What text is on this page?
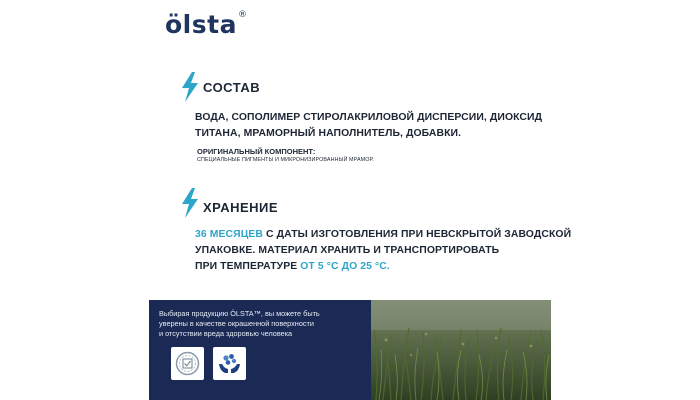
ölsta®
СОСТАВ
ВОДА, СОПОЛИМЕР СТИРОЛАКРИЛОВОЙ ДИСПЕРСИИ, ДИОКСИД
ТИТАНА, МРАМОРНЫЙ НАПОЛНИТЕЛЬ, ДОБАВКИ.
ОРИГИНАЛЬНЫЙ КОМПОНЕНТ:
СПЕЦИАЛЬНЫЕ ПИГМЕНТЫ И МИКРОНИЗИРОВАННЫЙ МРАМОР.
ХРАНЕНИЕ
36 МЕСЯЦЕВ С ДАТЫ ИЗГОТОВЛЕНИЯ ПРИ НЕВСКРЫТОЙ ЗАВОДСКОЙ
УПАКОВКЕ. МАТЕРИАЛ ХРАНИТЬ И ТРАНСПОРТИРОВАТЬ
ПРИ ТЕМПЕРАТУРЕ ОТ 5 °С ДО 25 °С.
Выбирая продукцию ÖLSTA™, вы можете быть
уверены в качестве окрашенной поверхности
и отсутствии вреда здоровью человека
